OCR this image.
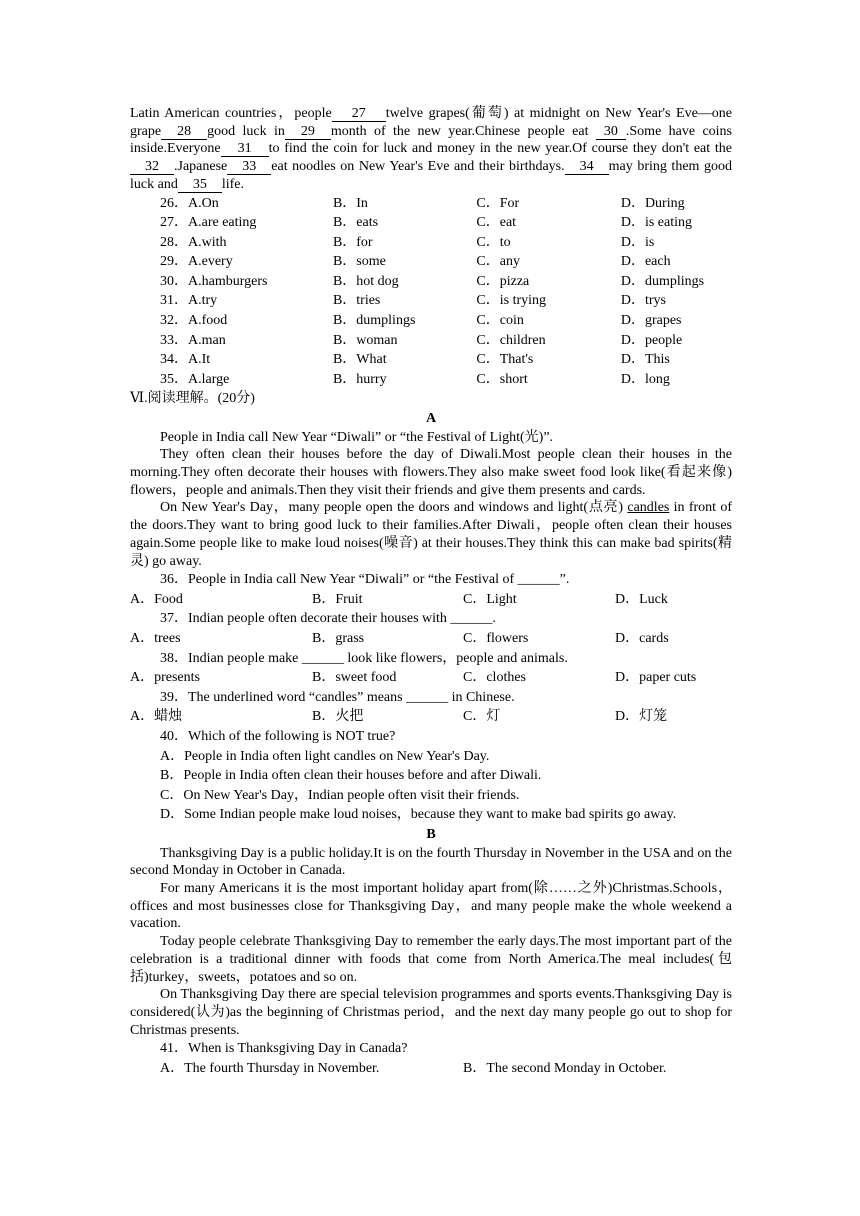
Latin American countries，people 27 twelve grapes(葡萄) at midnight on New Year's Eve—one grape 28 good luck in 29 month of the new year.Chinese people eat 30 .Some have coins inside.Everyone 31 to find the coin for luck and money in the new year.Of course they don't eat the32 .Japanese 33 eat noodles on New Year's Eve and their birthdays. 34 may bring them good luck and 35 life.
26．A.On	B．In	C．For	D．During
27．A.are eating	B．eats	C．eat	D．is eating
28．A.with	B．for	C．to	D．is
29．A.every	B．some	C．any	D．each
30．A.hamburgers	B．hot dog	C．pizza	D．dumplings
31．A.try	B．tries	C．is trying	D．trys
32．A.food	B．dumplings	C．coin	D．grapes
33．A.man	B．woman	C．children	D．people
34．A.It	B．What	C．That's	D．This
35．A.large	B．hurry	C．short	D．long
Ⅵ.阅读理解。(20分)
A

People in India call New Year “Diwali” or “the Festival of Light(光)”.

They often clean their houses before the day of Diwali.Most people clean their houses in the morning.They often decorate their houses with flowers.They also make sweet food look like(看起来像) flowers，people and animals.Then they visit their friends and give them presents and cards.

On New Year's Day，many people open the doors and windows and light(点亮) candles in front of the doors.They want to bring good luck to their families.After Diwali，people often clean their houses again.Some people like to make loud noises(噪音) at their houses.They think this can make bad spirits(精灵) go away.

36．People in India call New Year “Diwali” or “the Festival of ______”.
A．Food	B．Fruit	C．Light	D．Luck
37．Indian people often decorate their houses with ______.
A．trees	B．grass	C．flowers	D．cards
38．Indian people make ______ look like flowers，people and animals.
A．presents	B．sweet food	C．clothes	D．paper cuts
39．The underlined word “candles” means ______ in Chinese.
A．蜡烛	B．火把	C．灯	D．灯笼
40．Which of the following is NOT true?
A．People in India often light candles on New Year's Day.
B．People in India often clean their houses before and after Diwali.
C．On New Year's Day，Indian people often visit their friends.
D．Some Indian people make loud noises，because they want to make bad spirits go away.
B

Thanksgiving Day is a public holiday.It is on the fourth Thursday in November in the USA and on the second Monday in October in Canada.

For many Americans it is the most important holiday apart from(除……之外)Christmas.Schools，offices and most businesses close for Thanksgiving Day，and many people make the whole weekend a vacation.

Today people celebrate Thanksgiving Day to remember the early days.The most important part of the celebration is a traditional dinner with foods that come from North America.The meal includes(包括)turkey，sweets，potatoes and so on.

On Thanksgiving Day there are special television programmes and sports events.Thanksgiving Day is considered(认为)as the beginning of Christmas period，and the next day many people go out to shop for Christmas presents.

41．When is Thanksgiving Day in Canada?
A．The fourth Thursday in November.	B．The second Monday in October.
